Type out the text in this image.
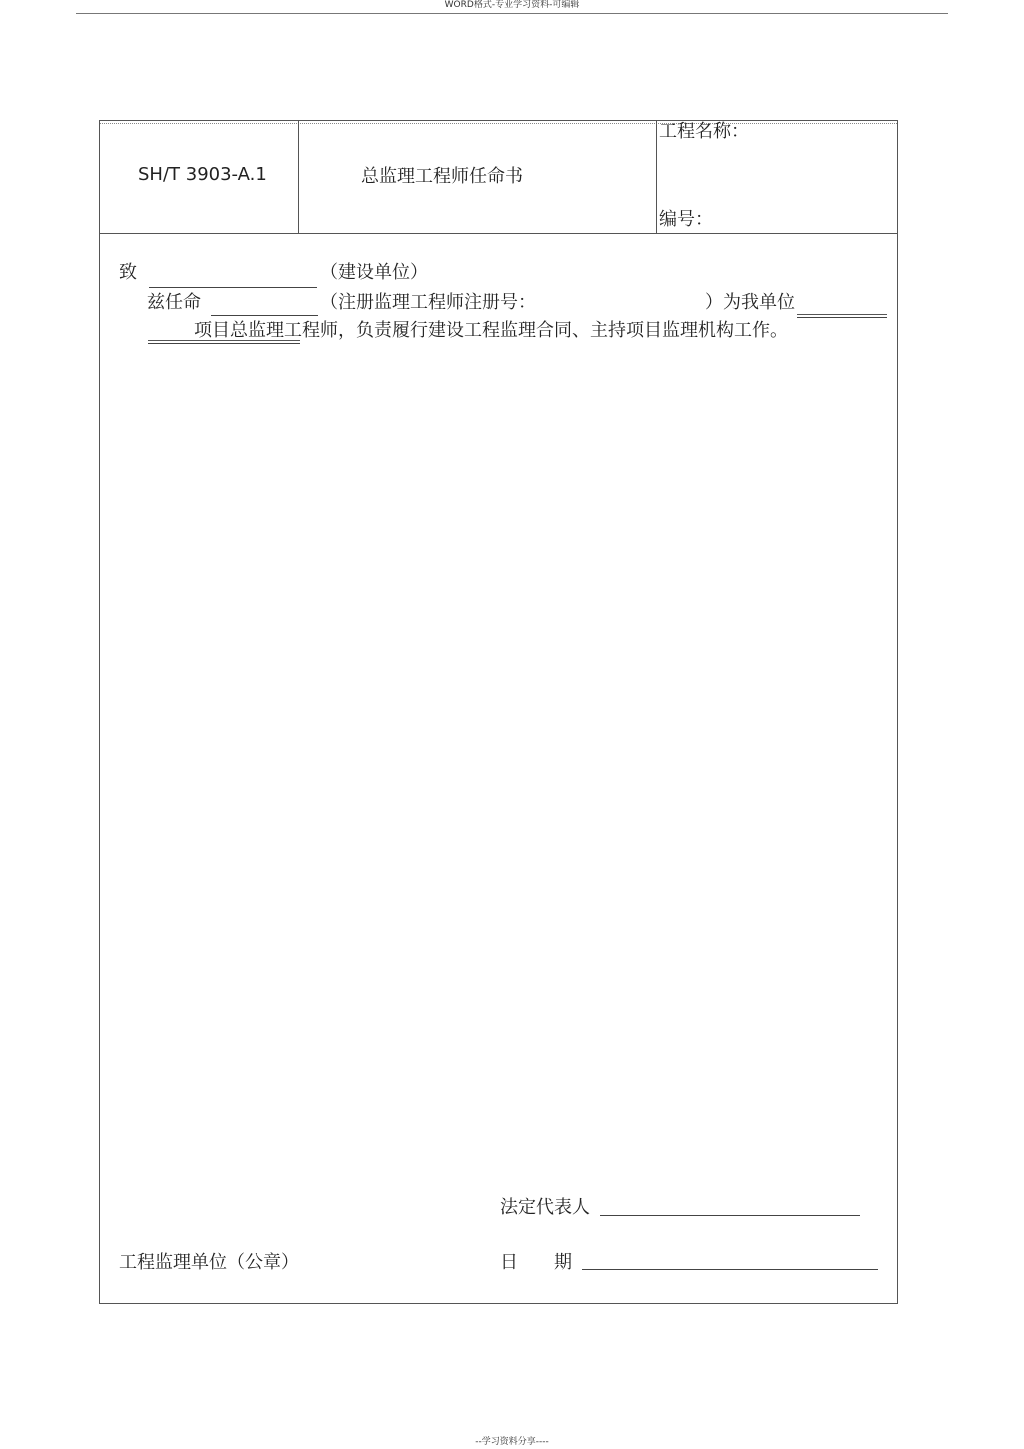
WORD格式-专业学习资料-可编辑
SH/T 3903-A.1	总监理工程师任命书
工程名称：
编号：
致	（建设单位）
兹任命	（注册监理工程师注册号：	）为我单位
项目总监理工程师，负责履行建设工程监理合同、主持项目监理机构工作。
法定代表人
工程监理单位（公章）	日　　期
--学习资料分享----
